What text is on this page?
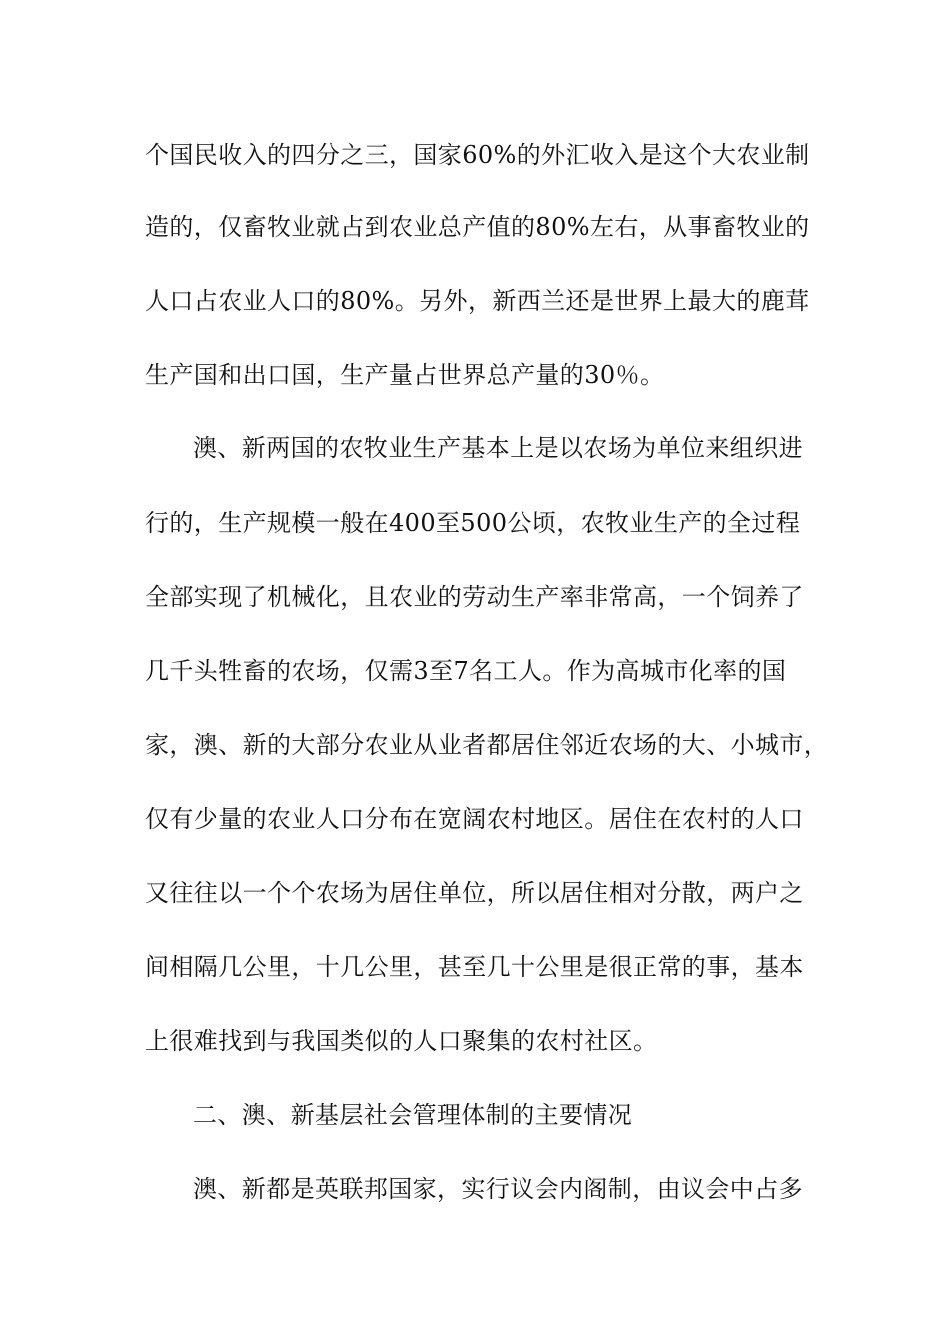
个国民收入的四分之三，国家60%的外汇收入是这个大农业制

造的，仅畜牧业就占到农业总产值的80%左右，从事畜牧业的

人口占农业人口的80%。另外，新西兰还是世界上最大的鹿茸

生产国和出口国，生产量占世界总产量的30％。

澳、新两国的农牧业生产基本上是以农场为单位来组织进

行的，生产规模一般在400至500公顷，农牧业生产的全过程

全部实现了机械化，且农业的劳动生产率非常高，一个饲养了

几千头牲畜的农场，仅需3至7名工人。作为高城市化率的国

家，澳、新的大部分农业从业者都居住邻近农场的大、小城市，

仅有少量的农业人口分布在宽阔农村地区。居住在农村的人口

又往往以一个个农场为居住单位，所以居住相对分散，两户之

间相隔几公里，十几公里，甚至几十公里是很正常的事，基本

上很难找到与我国类似的人口聚集的农村社区。

二、澳、新基层社会管理体制的主要情况

澳、新都是英联邦国家，实行议会内阁制，由议会中占多
